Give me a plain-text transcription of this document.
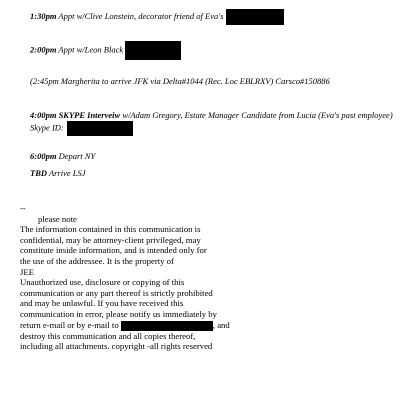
1:30pm Appt w/Clive Lonstein, decorator friend of Eva's
2:00pm Appt w/Leon Black
(2:45pm Margherita to arrive JFK via Delta#1044 (Rec. Loc EBLRXV) Carsco#150886
4:00pm SKYPE Interveiw w/Adam Gregory, Estate Manager Candidate from Lucia (Eva's past employee)
Skype ID:
6:00pm Depart NY
TBD Arrive LSJ
--
please note
The information contained in this communication is
confidential, may be attorney-client privileged, may
constitute inside information, and is intended only for
the use of the addressee. It is the property of
JEE
Unauthorized use, disclosure or copying of this
communication or any part thereof is strictly prohibited
and may be unlawful. If you have received this
communication in error, please notify us immediately by
return e-mail or by e-mail to	, and
destroy this communication and all copies thereof,
including all attachments. copyright -all rights reserved
